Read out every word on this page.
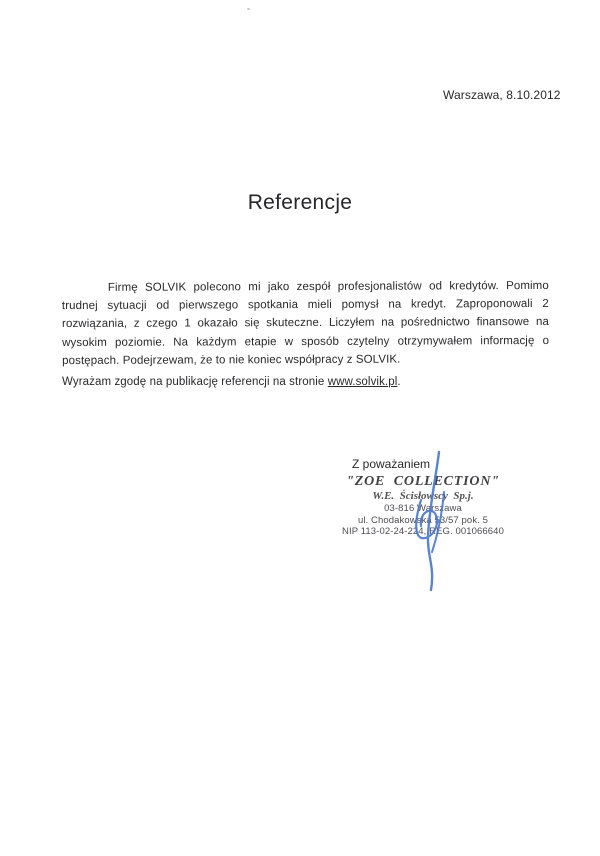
Warszawa, 8.10.2012
Referencje
Firmę SOLVIK polecono mi jako zespół profesjonalistów od kredytów. Pomimo trudnej sytuacji od pierwszego spotkania mieli pomysł na kredyt. Zaproponowali 2 rozwiązania, z czego 1 okazało się skuteczne. Liczyłem na pośrednictwo finansowe na wysokim poziomie. Na każdym etapie w sposób czytelny otrzymywałem informację o postępach. Podejrzewam, że to nie koniec współpracy z SOLVIK.
Wyrażam zgodę na publikację referencji na stronie www.solvik.pl.
Z poważaniem
"ZOE  COLLECTION"
W.E.  Ścisłowscy  Sp.j.
03-816 Warszawa
ul. Chodakowska 53/57 pok. 5
NIP 113-02-24-224, REG. 001066640
